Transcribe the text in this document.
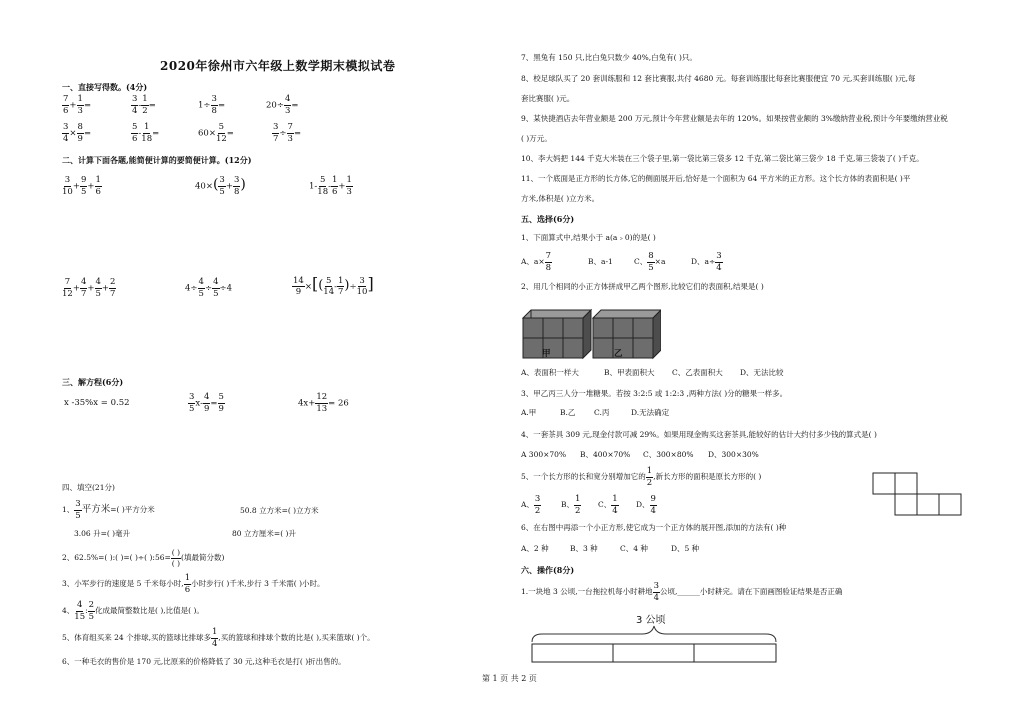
2020年徐州市六年级上数学期末模拟试卷
一、直接写得数。(4分)
$\frac{7}{6} + \frac{1}{3}$ =	$\frac{3}{4} - \frac{1}{2}$ =	$1\div \frac{3}{8}$ =	$20\div \frac{4}{3}$ =
$\frac{3}{4} \times \frac{8}{9}$ =	$\frac{5}{6} - \frac{1}{18}$ =	$60\times \frac{5}{12}$ =	$\frac{3}{7} \div \frac{7}{3}$ =
二、计算下面各题,能简便计算的要简便计算。(12分)
$\frac{3}{10} + \frac{9}{5} + \frac{1}{6}$	$40\times( \frac{3}{5} + \frac{3}{8}$ )	$1- \frac{5}{18} - \frac{1}{6} + \frac{1}{3}$
$\frac{7}{12} + \frac{4}{7} + \frac{4}{5} + \frac{2}{7}$	$4\div \frac{4}{5} \div \frac{4}{5} \div 4$	$\frac{14}{9}$ ×[( $\frac{5}{14} - \frac{1}{7}$ )÷ $\frac{3}{10}$ ]
三、解方程(6分)
x -35%x = 0.52	$\frac{3}{5} x- \frac{4}{9} = \frac{5}{9}$	$4x+ \frac{12}{13} = 26$
四、填空(21分)
1、 $\frac{3}{5}$ 平方米=( )平方分米	50.8 立方米=( )立方米
3.06 升=( )毫升	80 立方厘米=( )升
2、62.5%=( ):( )=( )÷( ):56= $\frac{( )}{( )}$ (填最简分数)
3、小军步行的速度是 5 千米每小时, $\frac{1}{6}$ 小时步行( )千米,步行 3 千米需( )小时。
4、 $\frac{4}{15}$ : $\frac{2}{5}$ 化成最简整数比是( ),比值是( )。
5、体育组买来 24 个排球,买的篮球比排球多 $\frac{1}{4}$ ,买的篮球和排球个数的比是( ),买来篮球( )个。
6、一种毛衣的售价是 170 元,比原来的价格降低了 30 元,这种毛衣是打( )折出售的。
7、黑兔有 150 只,比白兔只数少 40%,白兔有( )只。
8、校足球队买了 20 套训练服和 12 套比赛服,共付 4680 元。每套训练服比每套比赛服便宜 70 元,买套训练服( )元,每
套比赛服( )元。
9、某快捷酒店去年营业额是 200 万元,预计今年营业额是去年的 120%。如果按营业额的 3%缴纳营业税,预计今年要缴纳营业税
( )万元。
10、李大妈把 144 千克大米装在三个袋子里,第一袋比第三袋多 12 千克,第二袋比第三袋少 18 千克,第三袋装了( )千克。
11、一个底面是正方形的长方体,它的侧面展开后,恰好是一个面积为 64 平方米的正方形。这个长方体的表面积是( )平
方米,体积是( )立方米。
五、选择(6分)
1、下面算式中,结果小于 a(a﹥0)的是( )
A、$a\times \frac{7}{8}$	B、a-1	C、 $\frac{8}{5} \times a$	D、$a\div \frac{3}{4}$
2、用几个相同的小正方体拼成甲乙两个图形,比较它们的表面积,结果是( )
甲	乙
A、表面积一样大	B、甲表面积大 C、乙表面积大 D、无法比较
3、甲乙丙三人分一堆糖果。若按 3:2:5 或 1:2:3 ,两种方法( )分的糖果一样多。
A.甲	B.乙 C.丙	D.无法确定
4、一套茶具 309 元,现金付款可减 29%。如果用现金购买这套茶具,能较好的估计大约付多少钱的算式是( )
A 300×70% B、400×70% C、300×80% D、300×30%
5、一个长方形的长和宽分别增加它的 $\frac{1}{2}$ ,新长方形的面积是原长方形的( )
A、 $\frac{3}{2}$	B、 $\frac{1}{2}$ C、 $\frac{1}{4}$ D、 $\frac{9}{4}$
6、在右图中再添一个小正方形,使它成为一个正方体的展开图,添加的方法有( )种
A、2 种	B、3 种	C、4 种	D、5 种
六、操作(8分)
1.一块地 3 公顷,一台拖拉机每小时耕地 $\frac{3}{4}$ 公顷,______小时耕完。请在下面画图验证结果是否正确
3 公顷
第 1 页 共 2 页
